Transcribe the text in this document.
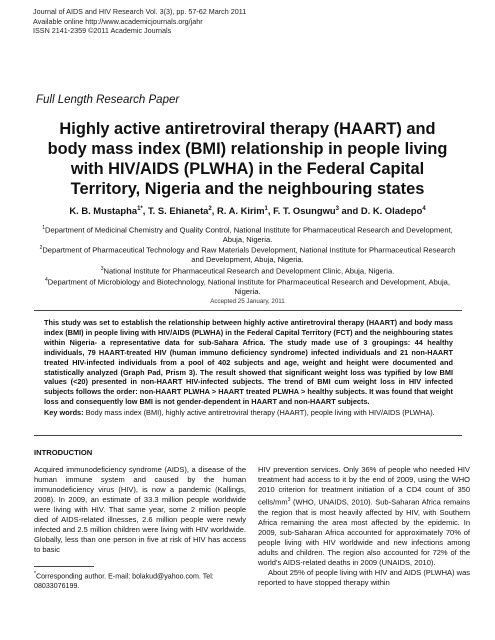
Journal of AIDS and HIV Research Vol. 3(3), pp. 57-62 March 2011
Available online http://www.academicjournals.org/jahr
ISSN 2141-2359 ©2011 Academic Journals
Full Length Research Paper
Highly active antiretroviral therapy (HAART) and body mass index (BMI) relationship in people living with HIV/AIDS (PLWHA) in the Federal Capital Territory, Nigeria and the neighbouring states
K. B. Mustapha$^{1*}$, T. S. Ehianeta$^2$, R. A. Kirim$^1$, F. T. Osungwu$^3$ and D. K. Oladepo$^4$
$^1$Department of Medicinal Chemistry and Quality Control, National Institute for Pharmaceutical Research and Development, Abuja, Nigeria.
$^2$Department of Pharmaceutical Technology and Raw Materials Development, National Institute for Pharmaceutical Research and Development, Abuja, Nigeria.
$^3$National Institute for Pharmaceutical Research and Development Clinic, Abuja, Nigeria.
$^4$Department of Microbiology and Biotechnology, National Institute for Pharmaceutical Research and Development, Abuja, Nigeria.
Accepted 25 January, 2011

This study was set to establish the relationship between highly active antiretroviral therapy (HAART) and body mass index (BMI) in people living with HIV/AIDS (PLWHA) in the Federal Capital Territory (FCT) and the neighbouring states within Nigeria- a representative data for sub-Sahara Africa. The study made use of 3 groupings: 44 healthy individuals, 79 HAART-treated HIV (human immuno deficiency syndrome) infected individuals and 21 non-HAART treated HIV-infected individuals from a pool of 402 subjects and age, weight and height were documented and statistically analyzed (Graph Pad, Prism 3). The result showed that significant weight loss was typified by low BMI values (<20) presented in non-HAART HIV-infected subjects. The trend of BMI cum weight loss in HIV infected subjects follows the order: non-HAART PLWHA > HAART treated PLWHA > healthy subjects. It was found that weight loss and consequently low BMI is not gender-dependent in HAART and non-HAART subjects.

Key words: Body mass index (BMI), highly active antiretroviral therapy (HAART), people living with HIV/AIDS (PLWHA).

INTRODUCTION

Acquired immunodeficiency syndrome (AIDS), a disease of the human immune system and caused by the human immunodeficiency virus (HIV), is now a pandemic (Kallings, 2008). In 2009, an estimate of 33.3 million people worldwide were living with HIV. That same year, some 2 million people died of AIDS-related illnesses, 2.6 million people were newly infected and 2.5 million children were living with HIV worldwide. Globally, less than one person in five at risk of HIV has access to basic

HIV prevention services. Only 36% of people who needed HIV treatment had access to it by the end of 2009, using the WHO 2010 criterion for treatment initiation of a CD4 count of 350 cells/$mm^3$ (WHO, UNAIDS, 2010). Sub-Saharan Africa remains the region that is most heavily affected by HIV, with Southern Africa remaining the area most affected by the epidemic. In 2009, sub-Saharan Africa accounted for approximately 70% of people living with HIV worldwide and new infections among adults and children. The region also accounted for 72% of the world’s AIDS-related deaths in 2009 (UNAIDS, 2010).
About 25% of people living with HIV and AIDS (PLWHA) was reported to have stopped therapy within

*Corresponding author. E-mail: bolakud@yahoo.com. Tel: 08033076199.
